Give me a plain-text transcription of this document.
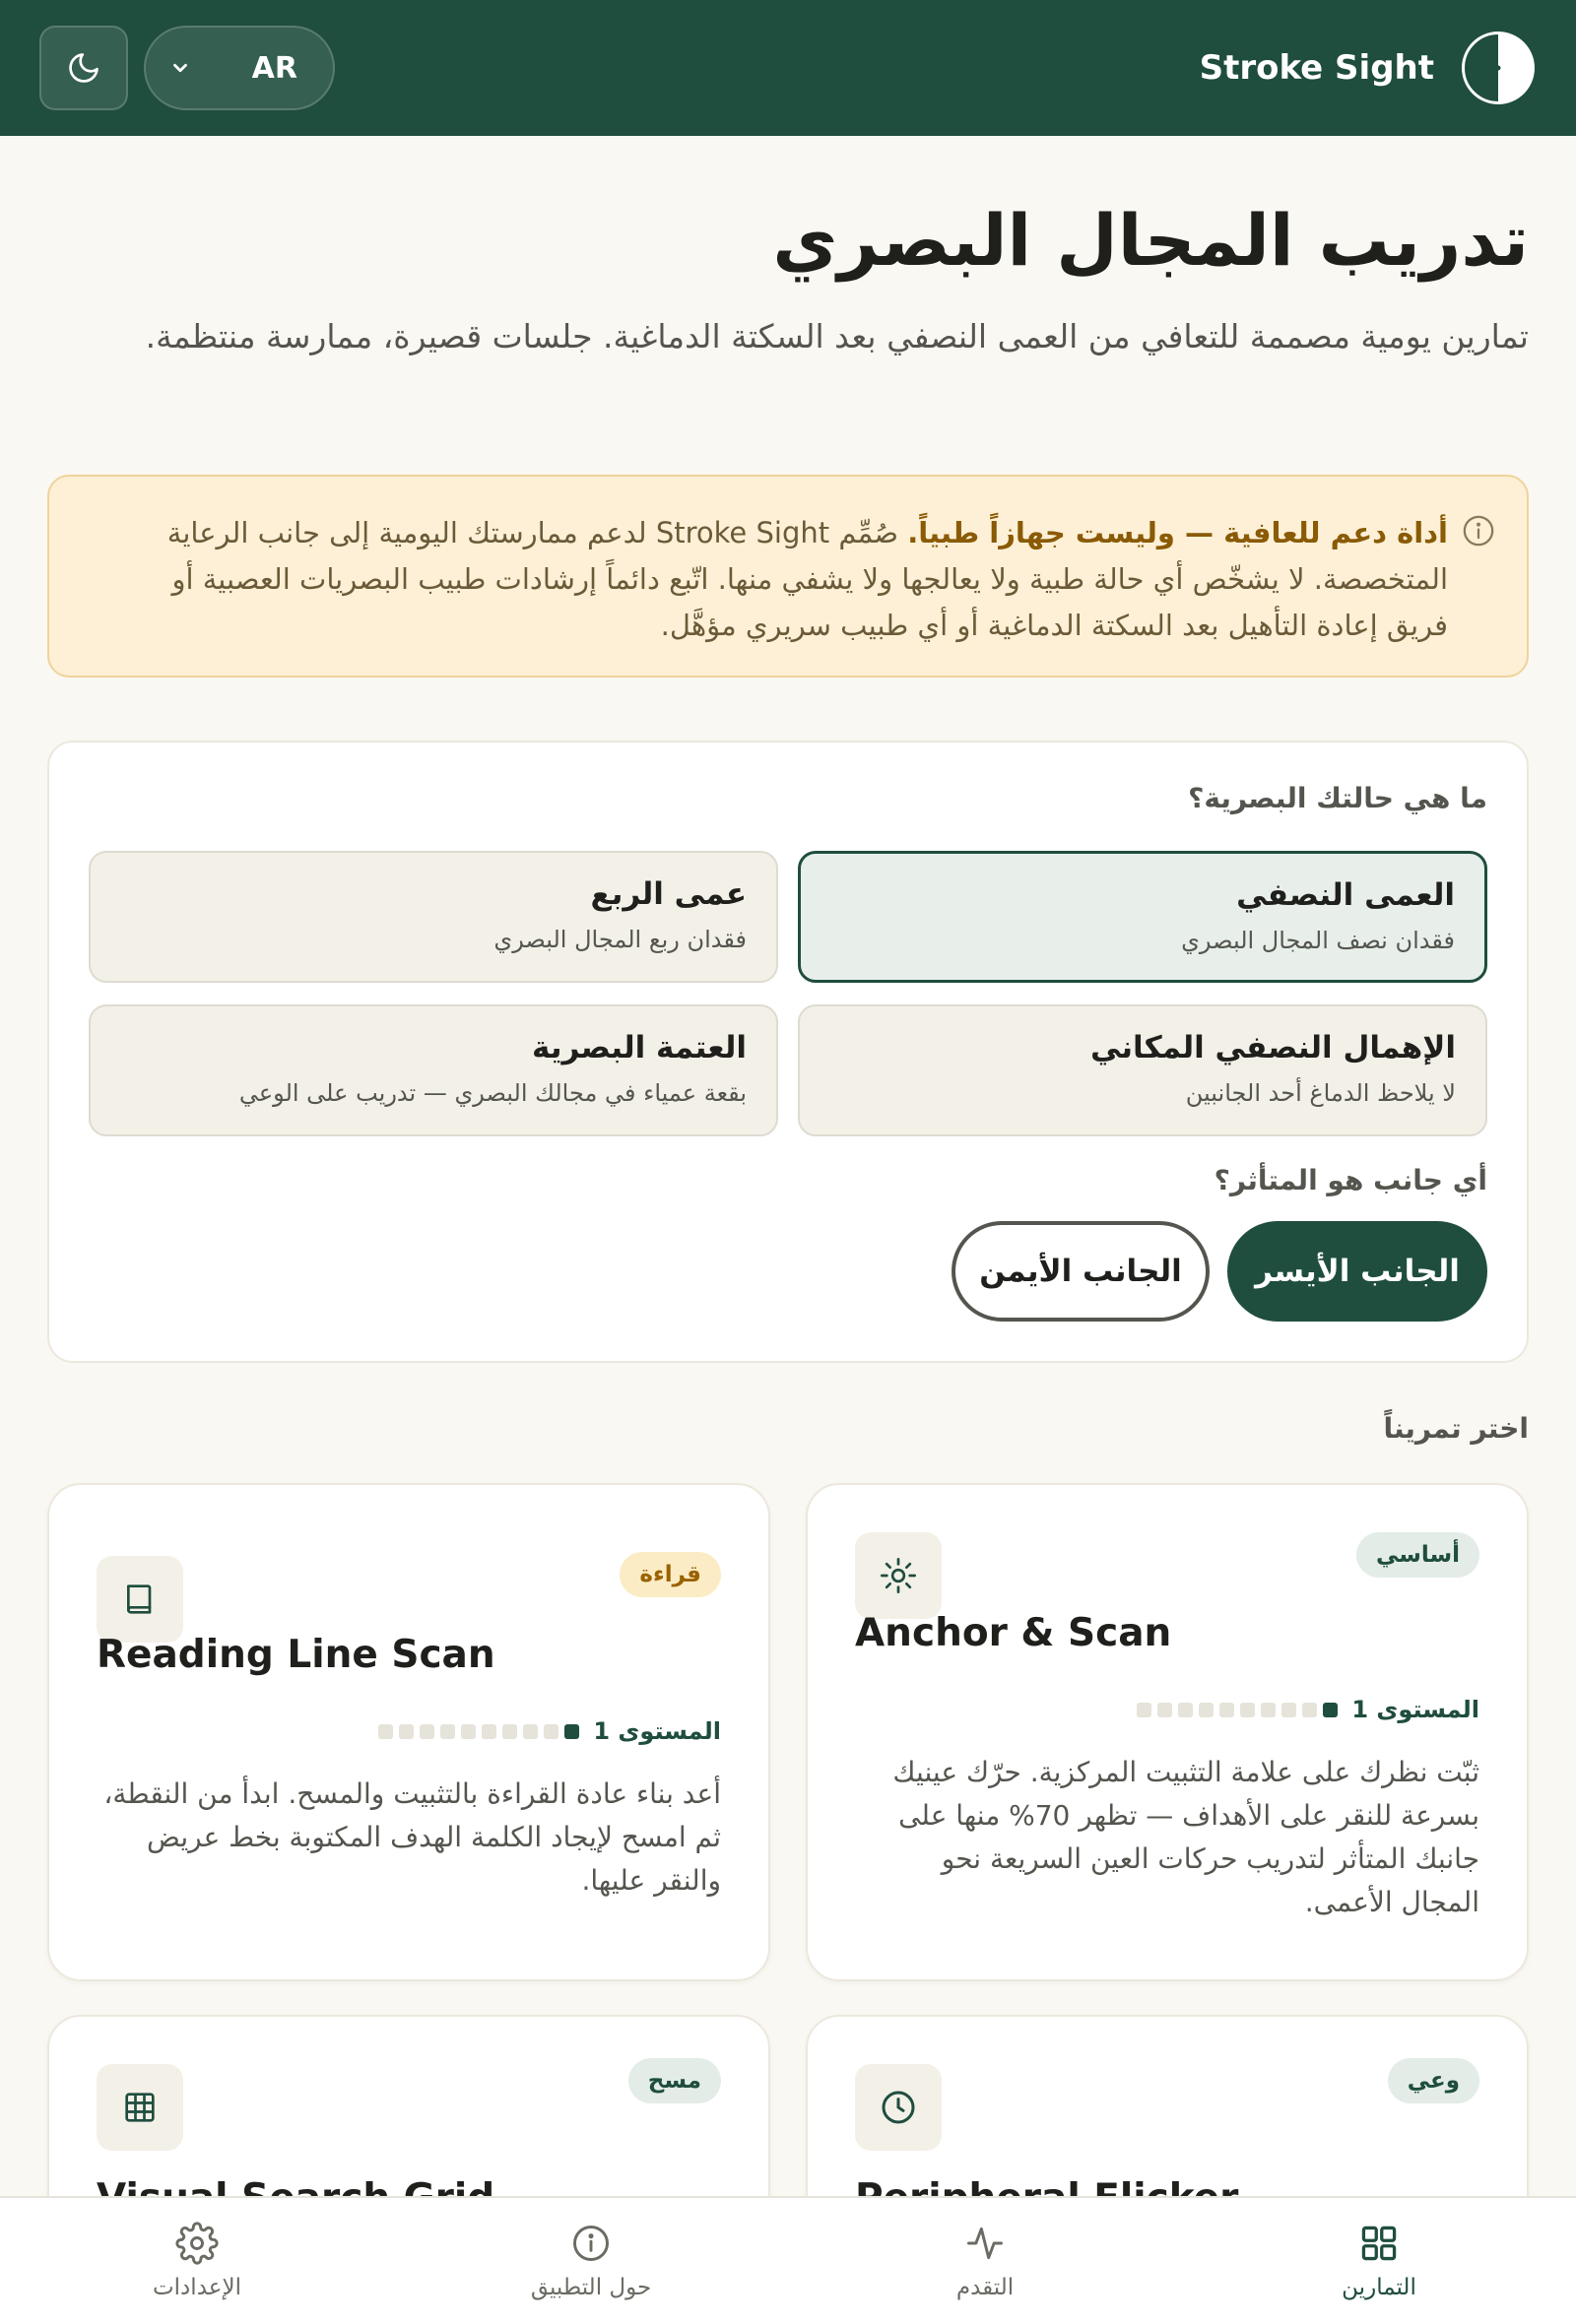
AR	Stroke Sight
تدريب المجال البصري

تمارين يومية مصممة للتعافي من العمى النصفي بعد السكتة الدماغية. جلسات قصيرة، ممارسة منتظمة.

أداة دعم للعافية — وليست جهازاً طبياً. صُمِّم Stroke Sight لدعم ممارستك اليومية إلى جانب الرعاية المتخصصة. لا يشخّص أي حالة طبية ولا يعالجها ولا يشفي منها. اتّبع دائماً إرشادات طبيب البصريات العصبية أو فريق إعادة التأهيل بعد السكتة الدماغية أو أي طبيب سريري مؤهَّل.

ما هي حالتك البصرية؟
العمى النصفي
فقدان نصف المجال البصري
عمى الربع
فقدان ربع المجال البصري
الإهمال النصفي المكاني
لا يلاحظ الدماغ أحد الجانبين
العتمة البصرية
بقعة عمياء في مجالك البصري — تدريب على الوعي
أي جانب هو المتأثر؟
الجانب الأيسر
الجانب الأيمن
اختر تمريناً
أساسي
Anchor & Scan
المستوى 1

ثبّت نظرك على علامة التثبيت المركزية. حرّك عينيك بسرعة للنقر على الأهداف — تظهر 70% منها على جانبك المتأثر لتدريب حركات العين السريعة نحو المجال الأعمى.

قراءة
Reading Line Scan
المستوى 1

أعد بناء عادة القراءة بالتثبيت والمسح. ابدأ من النقطة، ثم امسح لإيجاد الكلمة الهدف المكتوبة بخط عريض والنقر عليها.

وعي
مسح
التمارين
التقدم
حول التطبيق
الإعدادات
